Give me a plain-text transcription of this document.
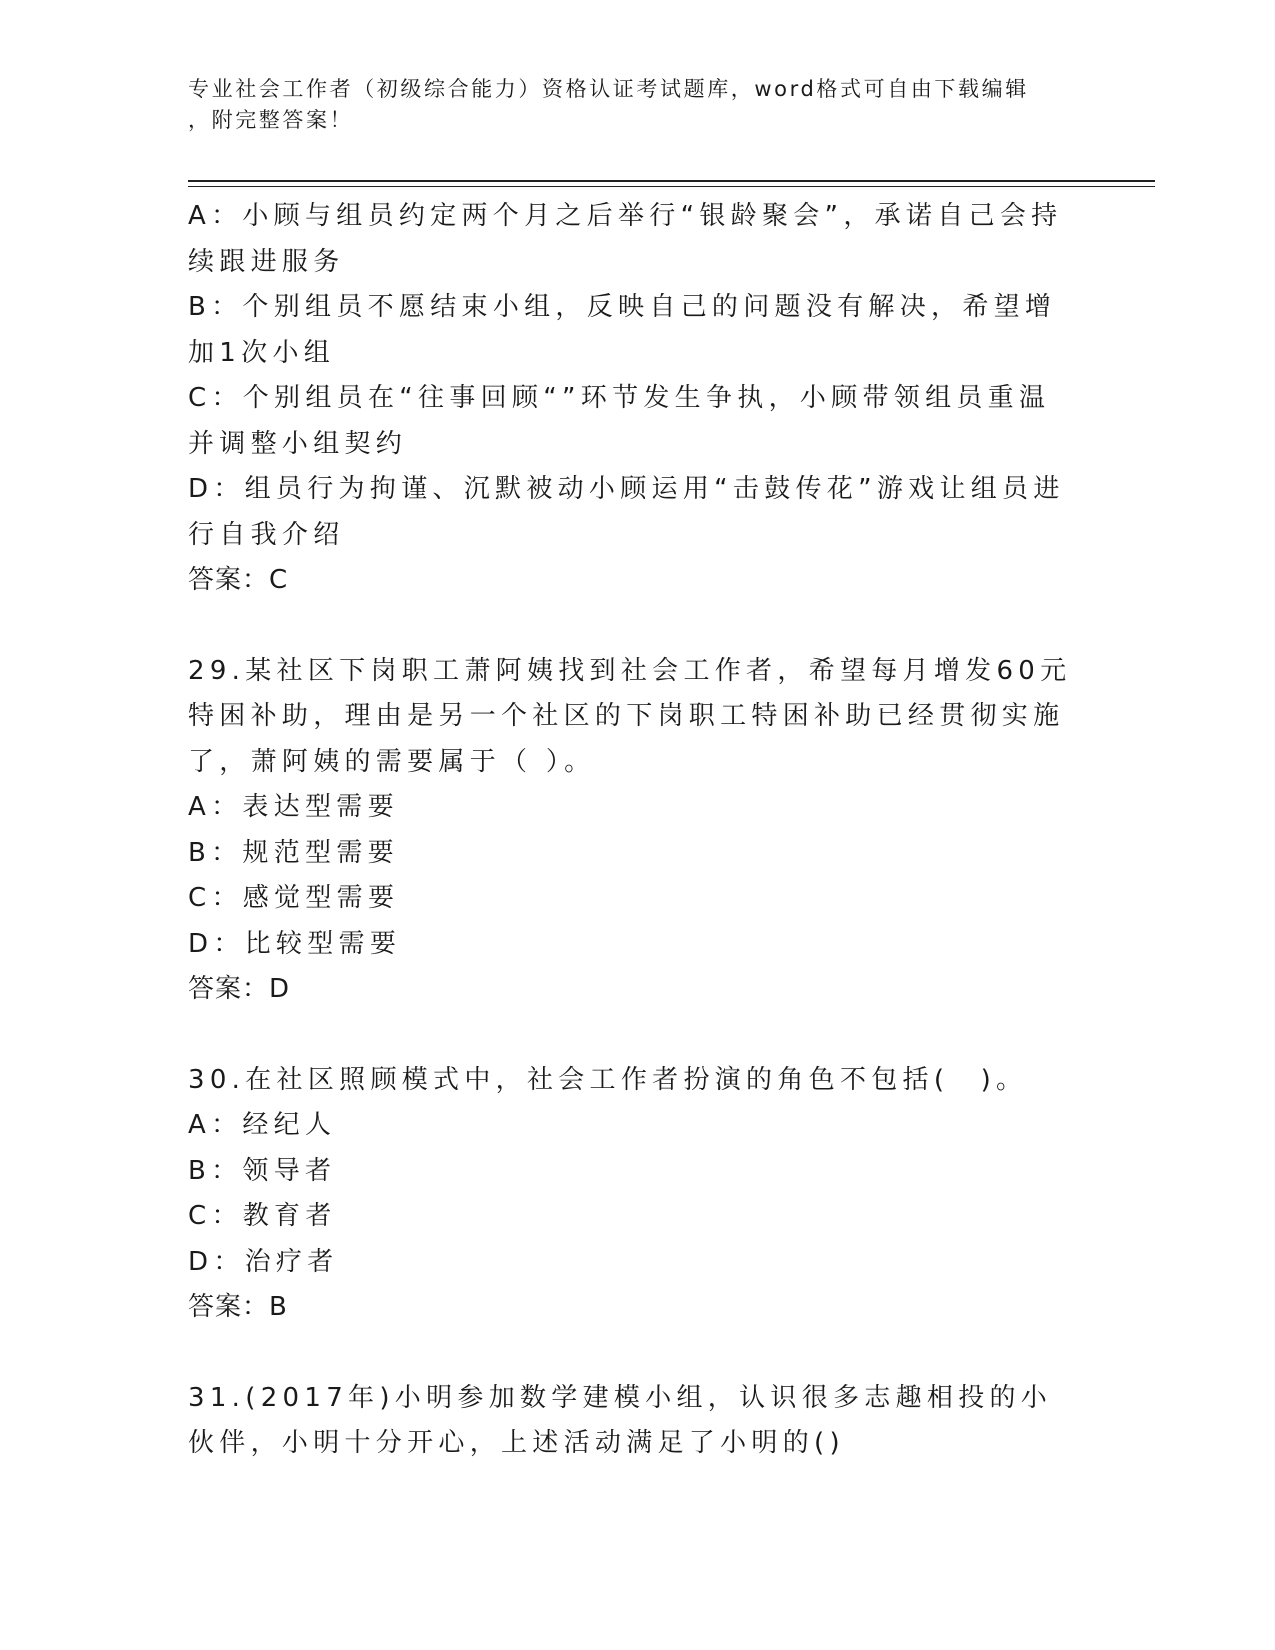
专业社会工作者（初级综合能力）资格认证考试题库，word格式可自由下载编辑
，附完整答案！

A：小顾与组员约定两个月之后举行“银龄聚会”，承诺自己会持续跟进服务

B：个别组员不愿结束小组，反映自己的问题没有解决，希望增加1次小组

C：个别组员在“往事回顾“”环节发生争执，小顾带领组员重温并调整小组契约

D：组员行为拘谨、沉默被动小顾运用“击鼓传花”游戏让组员进行自我介绍

答案：C

29.某社区下岗职工萧阿姨找到社会工作者，希望每月增发60元特困补助，理由是另一个社区的下岗职工特困补助已经贯彻实施了，萧阿姨的需要属于（ ）。

A：表达型需要

B：规范型需要

C：感觉型需要

D：比较型需要

答案：D

30.在社区照顾模式中，社会工作者扮演的角色不包括(　)。

A：经纪人

B：领导者

C：教育者

D：治疗者

答案：B

31.(2017年)小明参加数学建模小组，认识很多志趣相投的小伙伴，小明十分开心，上述活动满足了小明的()
